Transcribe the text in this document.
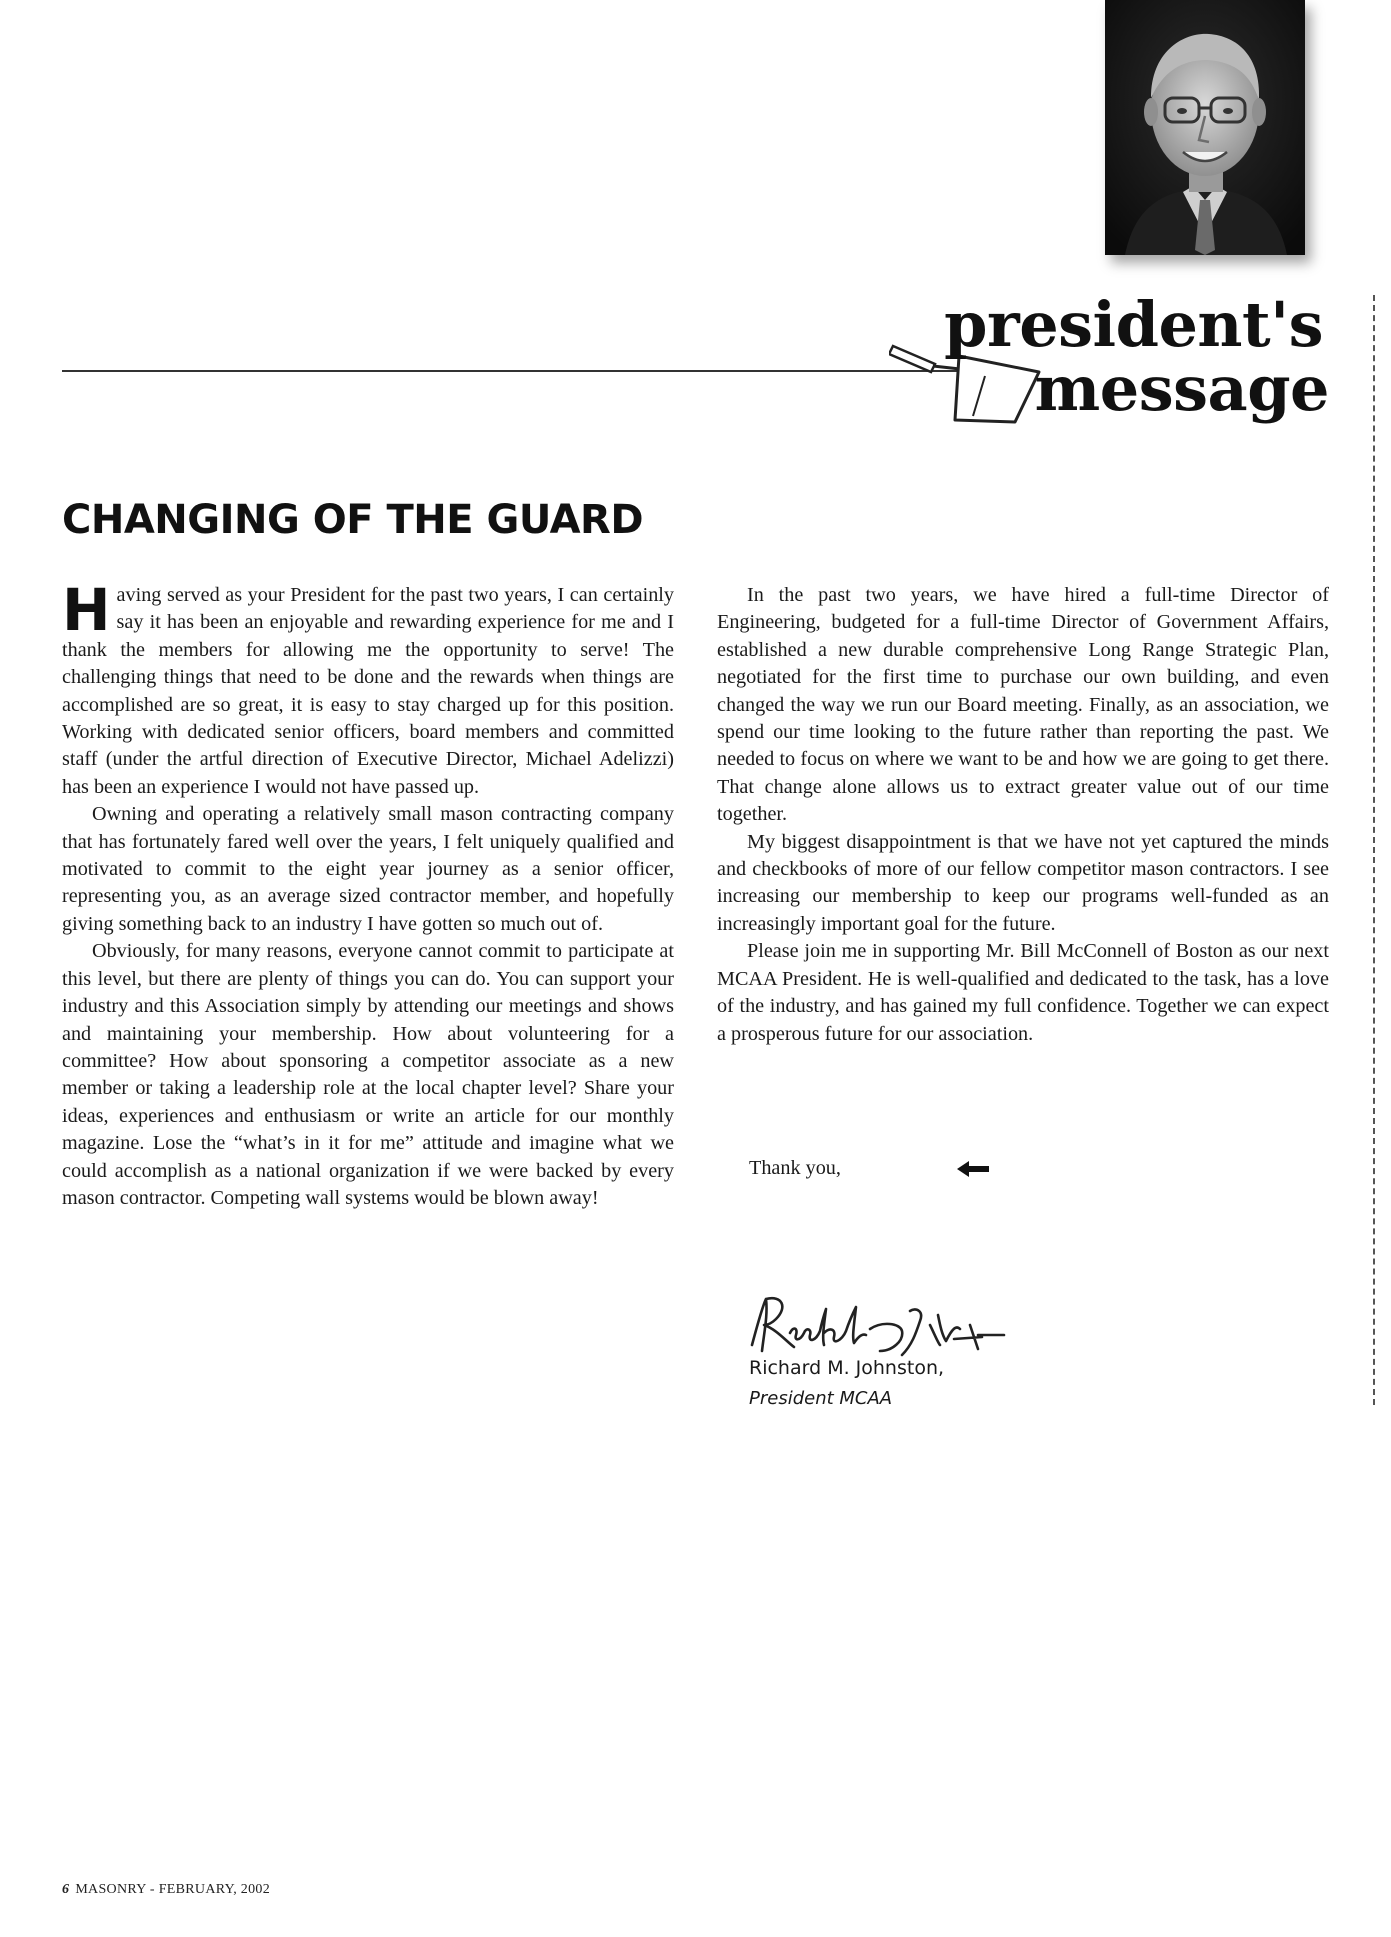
president's
message
CHANGING OF THE GUARD

Having served as your President for the past two years, I can certainly say it has been an enjoyable and rewarding experience for me and I thank the members for allowing me the opportunity to serve! The challenging things that need to be done and the rewards when things are accomplished are so great, it is easy to stay charged up for this position. Working with dedicated senior officers, board members and committed staff (under the artful direction of Executive Director, Michael Adelizzi) has been an experience I would not have passed up.

Owning and operating a relatively small mason contracting company that has fortunately fared well over the years, I felt uniquely qualified and motivated to commit to the eight year journey as a senior officer, representing you, as an average sized contractor member, and hopefully giving something back to an industry I have gotten so much out of.

Obviously, for many reasons, everyone cannot commit to participate at this level, but there are plenty of things you can do. You can support your industry and this Association simply by attending our meetings and shows and maintaining your membership. How about volunteering for a committee? How about sponsoring a competitor associate as a new member or taking a leadership role at the local chapter level? Share your ideas, experiences and enthusiasm or write an article for our monthly magazine. Lose the “what’s in it for me” attitude and imagine what we could accomplish as a national organization if we were backed by every mason contractor. Competing wall systems would be blown away!

In the past two years, we have hired a full-time Director of Engineering, budgeted for a full-time Director of Government Affairs, established a new durable comprehensive Long Range Strategic Plan, negotiated for the first time to purchase our own building, and even changed the way we run our Board meeting. Finally, as an association, we spend our time looking to the future rather than reporting the past. We needed to focus on where we want to be and how we are going to get there. That change alone allows us to extract greater value out of our time together.

My biggest disappointment is that we have not yet captured the minds and checkbooks of more of our fellow competitor mason contractors. I see increasing our membership to keep our programs well-funded as an increasingly important goal for the future.

Please join me in supporting Mr. Bill McConnell of Boston as our next MCAA President. He is well-qualified and dedicated to the task, has a love of the industry, and has gained my full confidence. Together we can expect a prosperous future for our association.

Thank you,
Richard M. Johnston,
President MCAA
6 MASONRY - FEBRUARY, 2002
